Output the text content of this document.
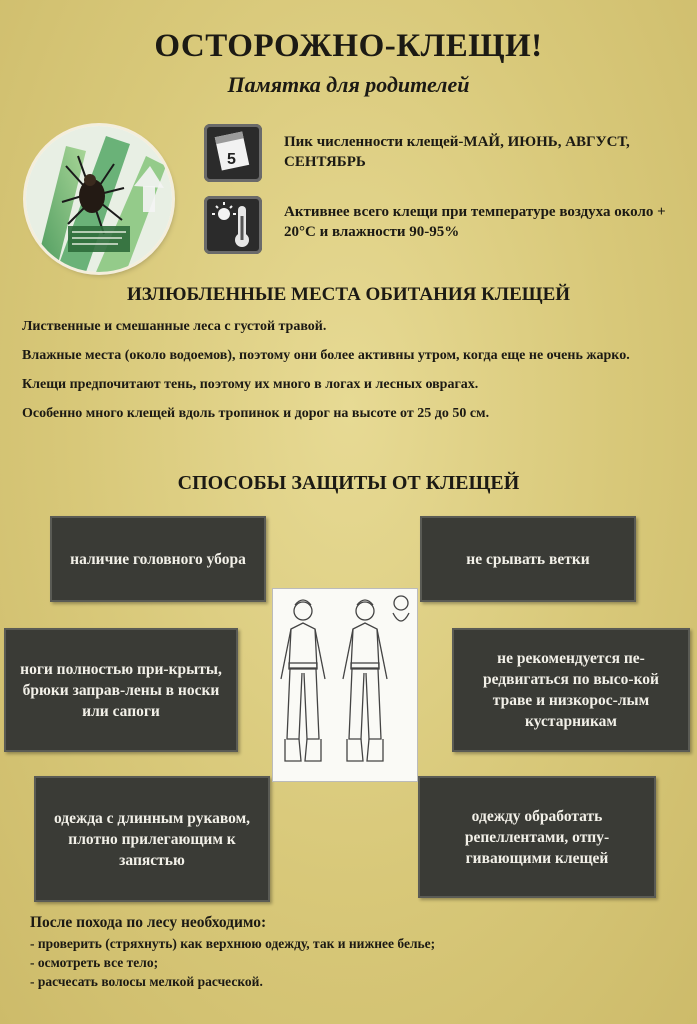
ОСТОРОЖНО-КЛЕЩИ!
Памятка для родителей
5
Пик численности клещей-МАЙ, ИЮНЬ, АВГУСТ, СЕНТЯБРЬ
Активнее всего клещи при температуре воздуха около + 20°С и влажности 90-95%
ИЗЛЮБЛЕННЫЕ МЕСТА ОБИТАНИЯ КЛЕЩЕЙ
Лиственные и смешанные леса с густой травой.
Влажные места (около водоемов), поэтому они более активны утром, когда еще не очень жарко.
Клещи предпочитают тень, поэтому их много в логах и лесных оврагах.
Особенно много клещей вдоль тропинок и дорог на высоте от 25 до 50 см.
СПОСОБЫ ЗАЩИТЫ ОТ КЛЕЩЕЙ
наличие головного убора	не срывать ветки
ноги полностью при-крыты, брюки заправ-лены в носки или сапоги
не рекомендуется пе-редвигаться по высо-кой траве и низкорос-лым кустарникам
одежда с длинным рукавом, плотно прилегающим к запястью
одежду обработать репеллентами, отпу-гивающими клещей
После похода по лесу необходимо:
- проверить (стряхнуть) как верхнюю одежду, так и нижнее белье;
- осмотреть все тело;
- расчесать волосы мелкой расческой.
